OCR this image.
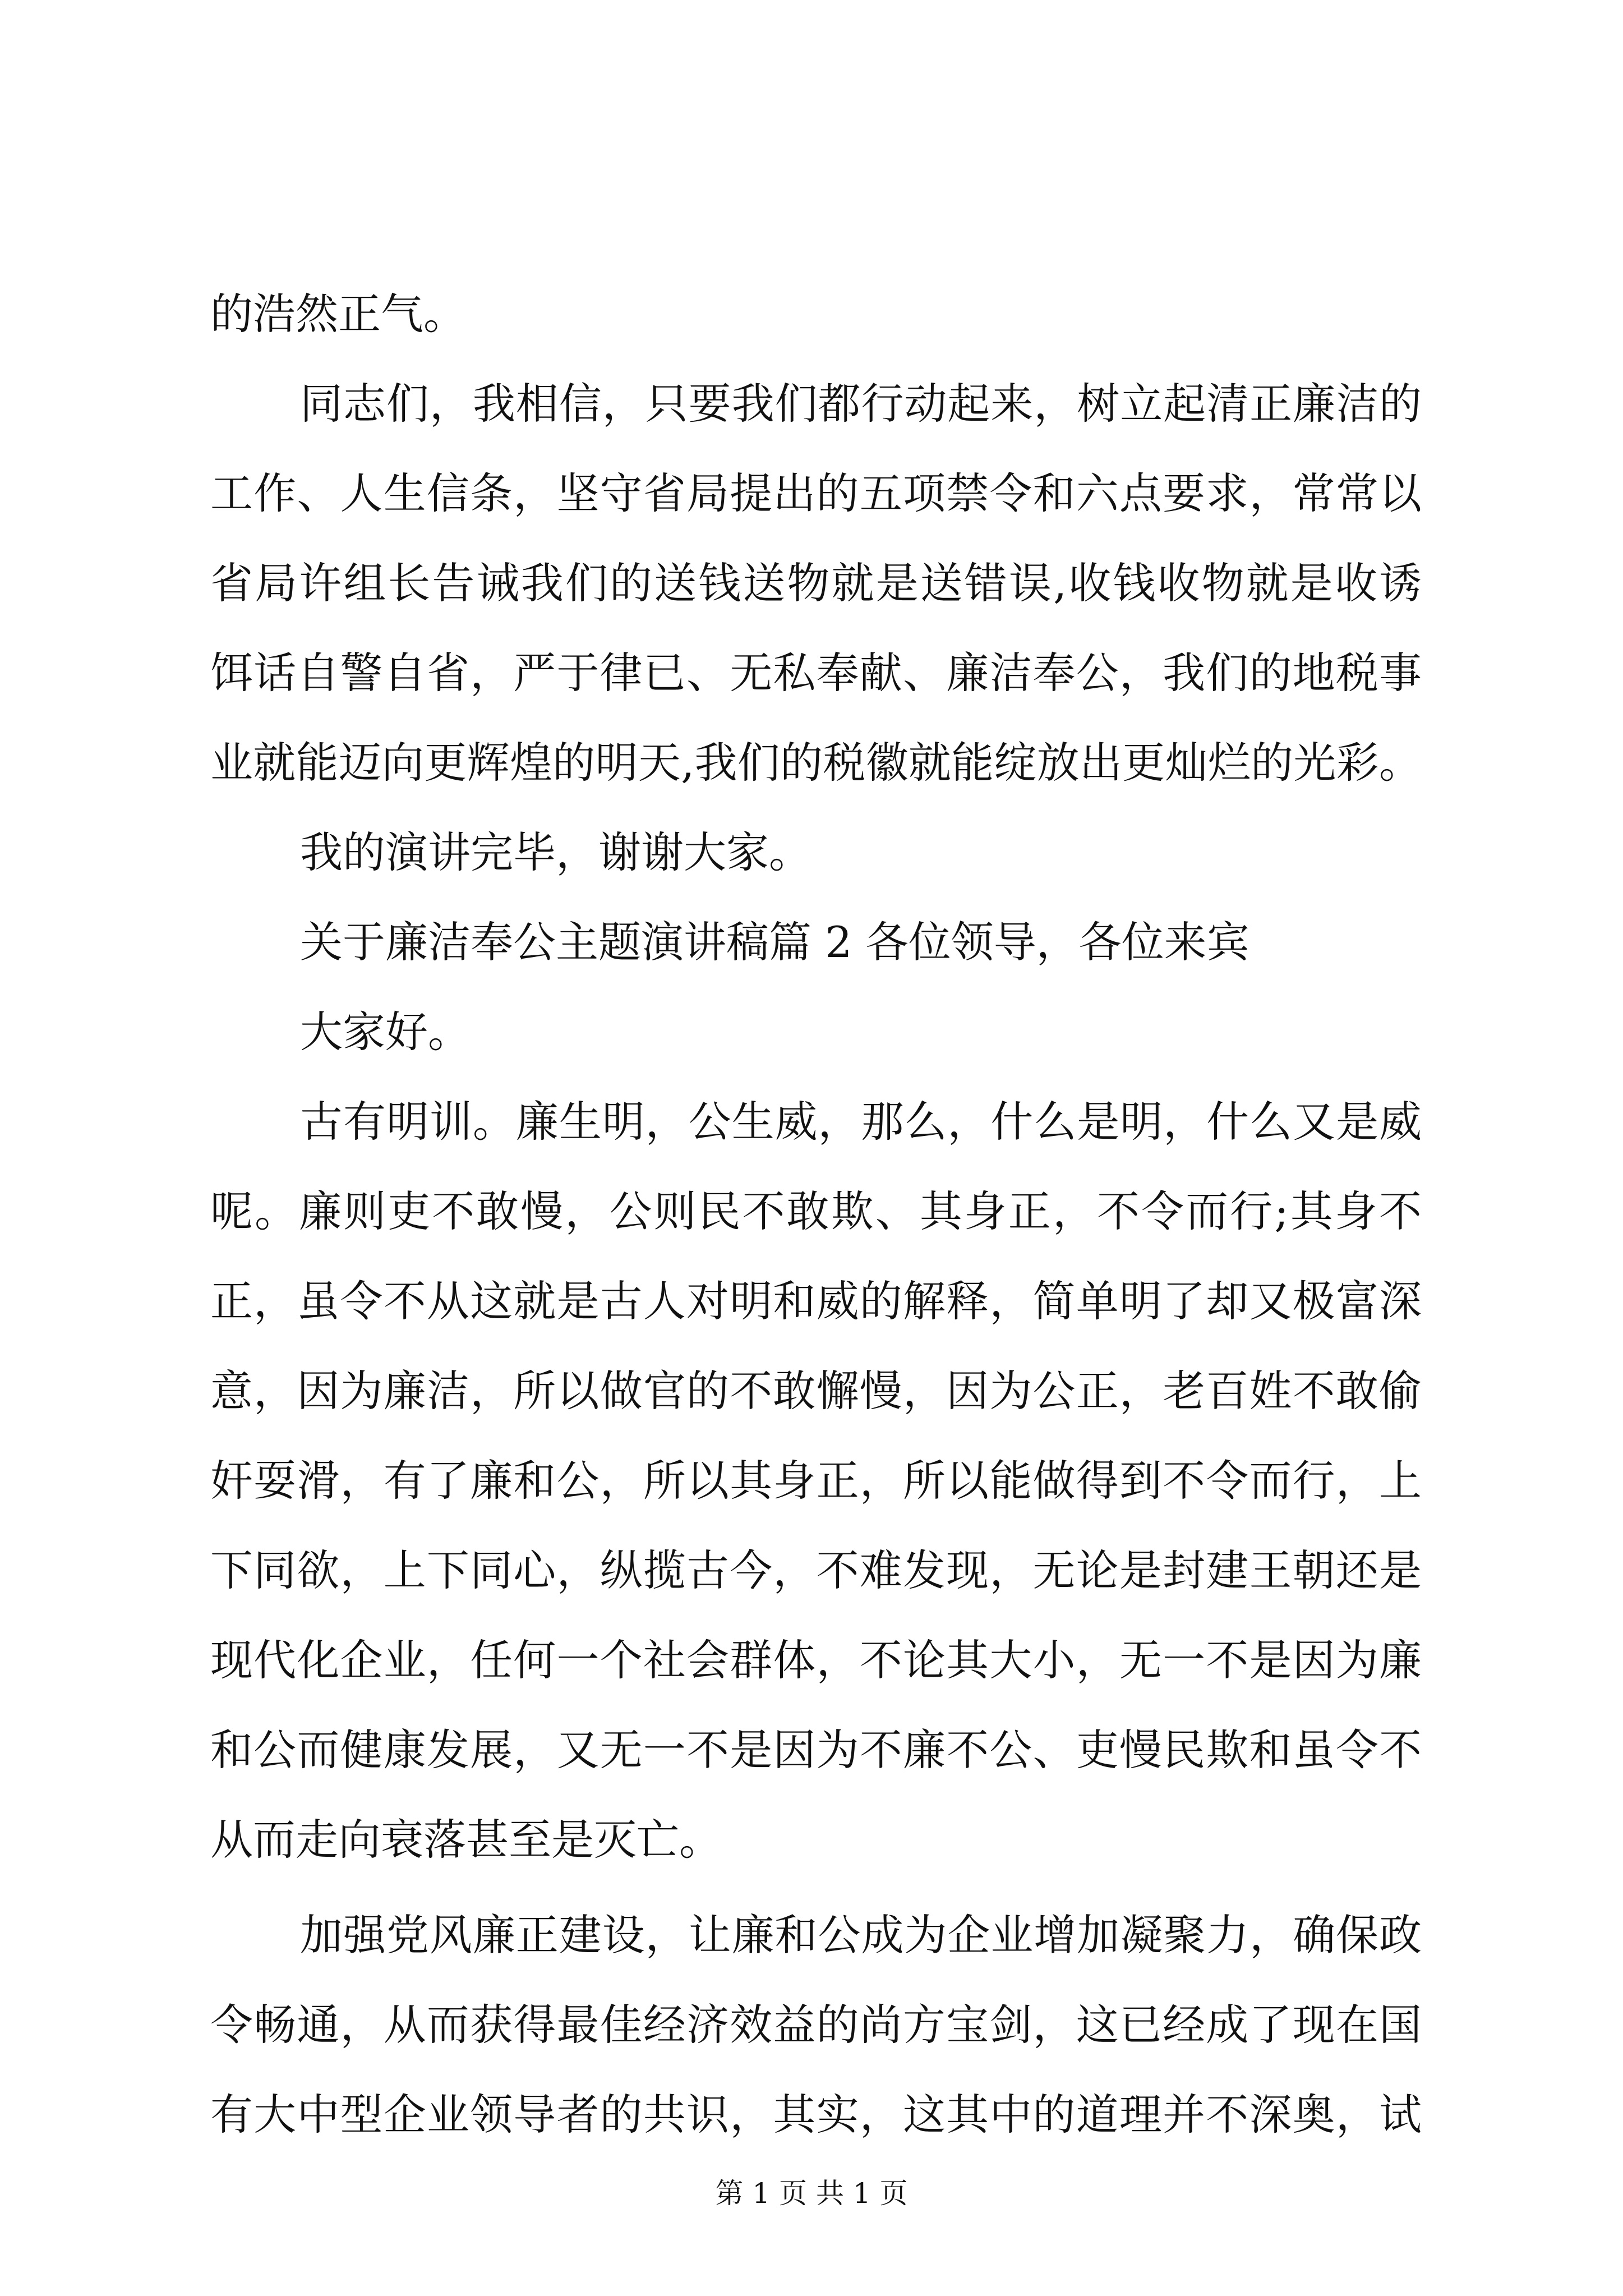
的浩然正气。
同志们，我相信，只要我们都行动起来，树立起清正廉洁的
工作、人生信条，坚守省局提出的五项禁令和六点要求，常常以
省局许组长告诫我们的送钱送物就是送错误,收钱收物就是收诱
饵话自警自省，严于律已、无私奉献、廉洁奉公，我们的地税事
业就能迈向更辉煌的明天,我们的税徽就能绽放出更灿烂的光彩。
我的演讲完毕，谢谢大家。
关于廉洁奉公主题演讲稿篇 2 各位领导，各位来宾
大家好。
古有明训。廉生明，公生威，那么，什么是明，什么又是威
呢。廉则吏不敢慢，公则民不敢欺、其身正，不令而行;其身不
正，虽令不从这就是古人对明和威的解释，简单明了却又极富深
意，因为廉洁，所以做官的不敢懈慢，因为公正，老百姓不敢偷
奸耍滑，有了廉和公，所以其身正，所以能做得到不令而行，上
下同欲，上下同心，纵揽古今，不难发现，无论是封建王朝还是
现代化企业，任何一个社会群体，不论其大小，无一不是因为廉
和公而健康发展，又无一不是因为不廉不公、吏慢民欺和虽令不
从而走向衰落甚至是灭亡。
加强党风廉正建设，让廉和公成为企业增加凝聚力，确保政
令畅通，从而获得最佳经济效益的尚方宝剑，这已经成了现在国
有大中型企业领导者的共识，其实，这其中的道理并不深奥，试
第 1 页 共 1 页
